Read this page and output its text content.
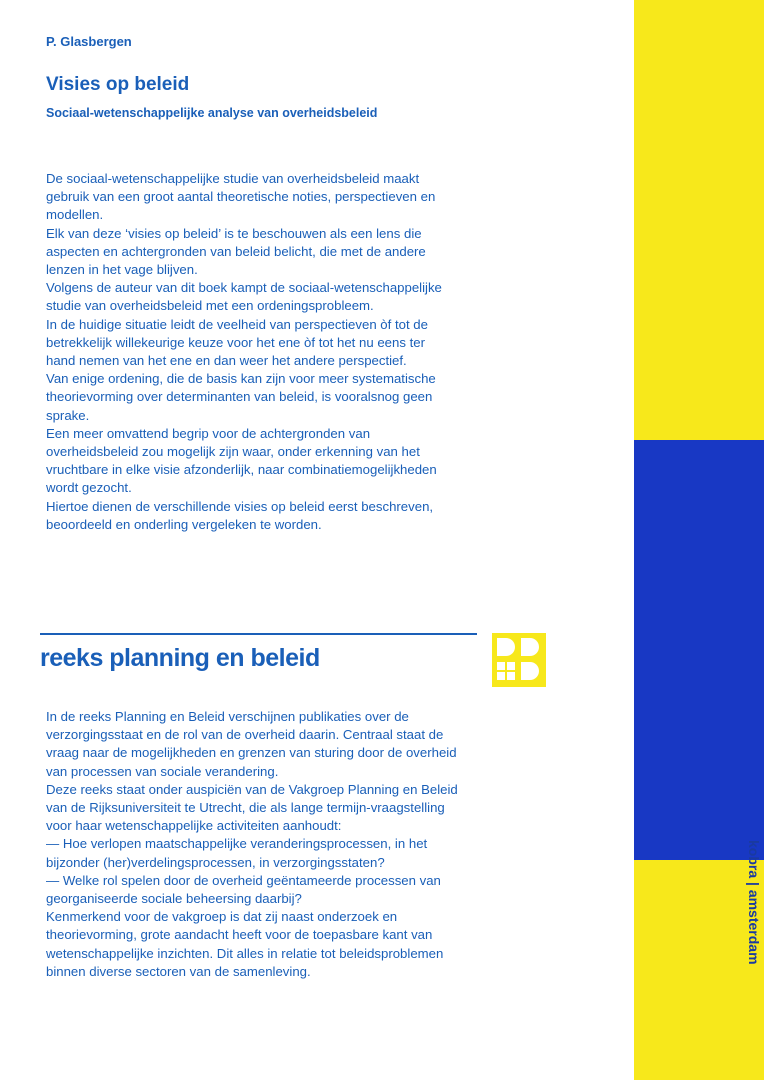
P. Glasbergen
Visies op beleid
Sociaal-wetenschappelijke analyse van overheidsbeleid
De sociaal-wetenschappelijke studie van overheidsbeleid maakt
gebruik van een groot aantal theoretische noties, perspectieven en
modellen.
Elk van deze ‘visies op beleid’ is te beschouwen als een lens die
aspecten en achtergronden van beleid belicht, die met de andere
lenzen in het vage blijven.
Volgens de auteur van dit boek kampt de sociaal-wetenschappelijke
studie van overheidsbeleid met een ordeningsprobleem.
In de huidige situatie leidt de veelheid van perspectieven òf tot de
betrekkelijk willekeurige keuze voor het ene òf tot het nu eens ter
hand nemen van het ene en dan weer het andere perspectief.
Van enige ordening, die de basis kan zijn voor meer systematische
theorievorming over determinanten van beleid, is vooralsnog geen
sprake.
Een meer omvattend begrip voor de achtergronden van
overheidsbeleid zou mogelijk zijn waar, onder erkenning van het
vruchtbare in elke visie afzonderlijk, naar combinatiemogelijkheden
wordt gezocht.
Hiertoe dienen de verschillende visies op beleid eerst beschreven,
beoordeeld en onderling vergeleken te worden.
reeks planning en beleid
In de reeks Planning en Beleid verschijnen publikaties over de
verzorgingsstaat en de rol van de overheid daarin. Centraal staat de
vraag naar de mogelijkheden en grenzen van sturing door de overheid
van processen van sociale verandering.
Deze reeks staat onder auspiciën van de Vakgroep Planning en Beleid
van de Rijksuniversiteit te Utrecht, die als lange termijn-vraagstelling
voor haar wetenschappelijke activiteiten aanhoudt:
— Hoe verlopen maatschappelijke veranderingsprocessen, in het
bijzonder (her)verdelingsprocessen, in verzorgingsstaten?
— Welke rol spelen door de overheid geëntameerde processen van
georganiseerde sociale beheersing daarbij?
Kenmerkend voor de vakgroep is dat zij naast onderzoek en
theorievorming, grote aandacht heeft voor de toepasbare kant van
wetenschappelijke inzichten. Dit alles in relatie tot beleidsproblemen
binnen diverse sectoren van de samenleving.
kobra | amsterdam
